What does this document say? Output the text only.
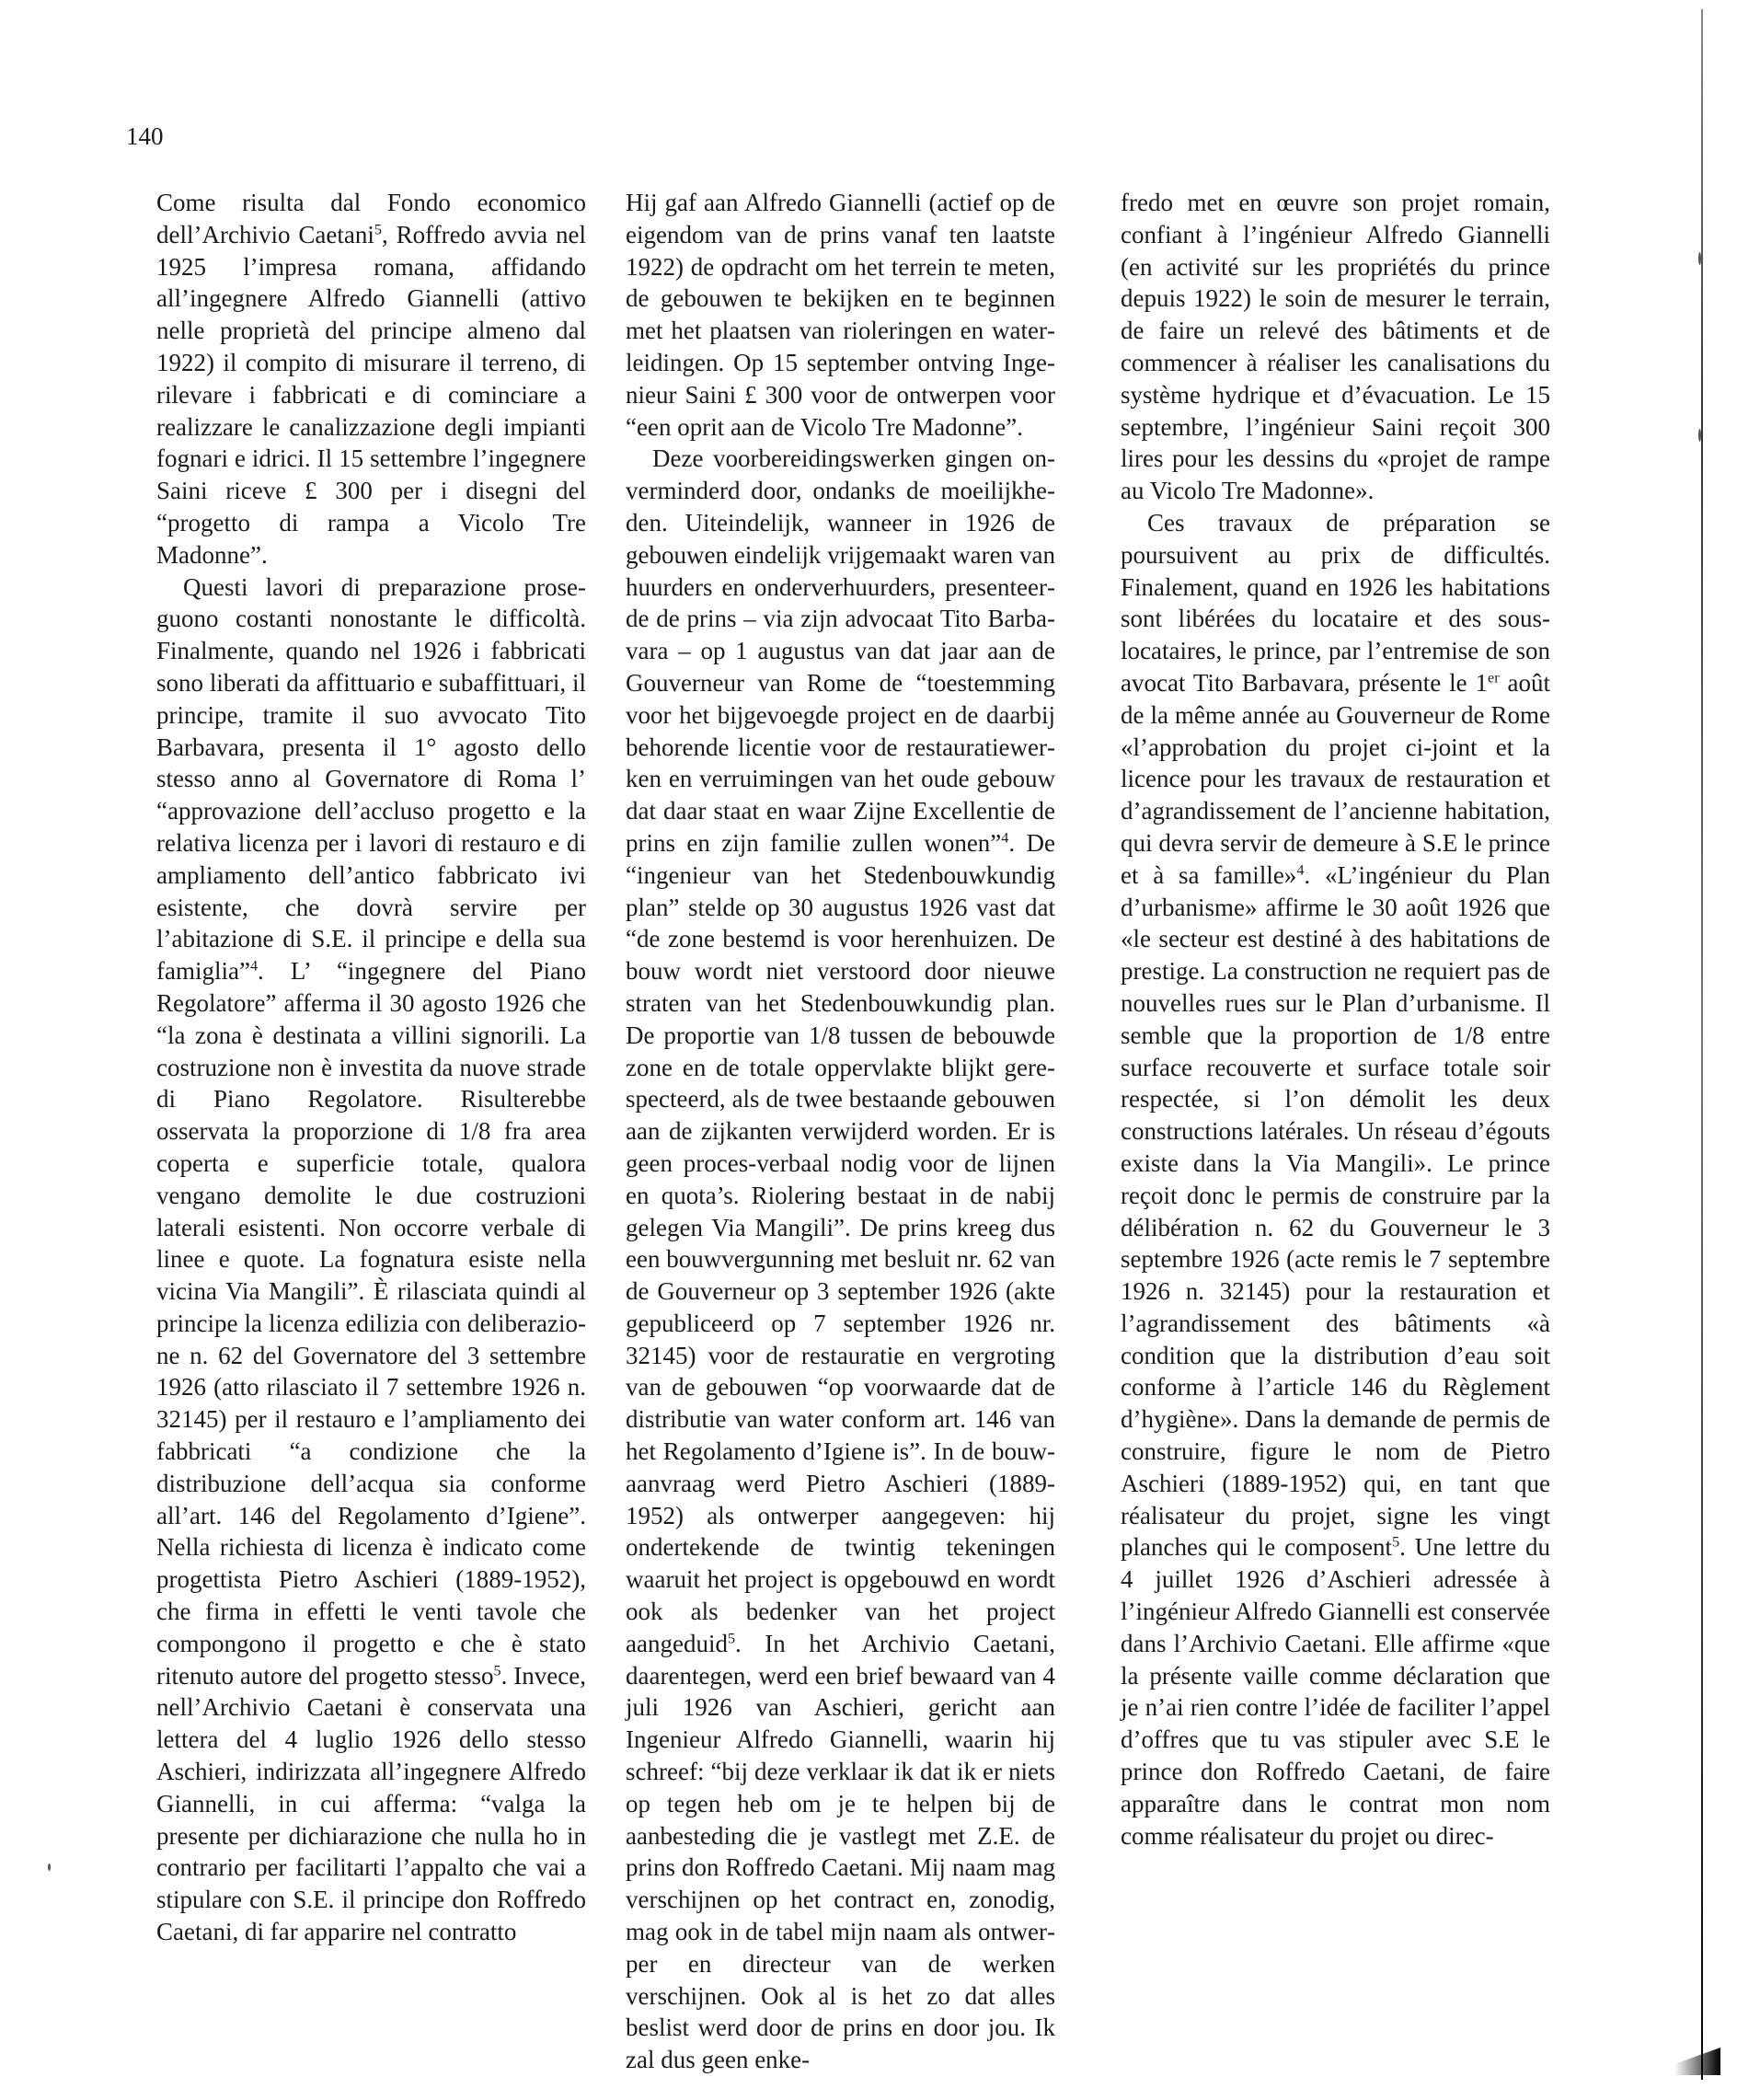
140

Come risulta dal Fondo economico dell’Archivio Caetani$^5$, Roffredo avvia nel 1925 l’impresa romana, affidando all’ingegnere Alfredo Giannelli (attivo nelle proprietà del principe almeno dal 1922) il compito di misurare il terreno, di rilevare i fabbricati e di cominciare a realizzare le canalizzazione degli impianti fognari e idrici. Il 15 settembre l’ingegnere Saini riceve £ 300 per i disegni del “progetto di rampa a Vicolo Tre Madonne”.

Questi lavori di preparazione proseguono costanti nonostante le difficoltà. Finalmente, quando nel 1926 i fabbricati sono liberati da affittuario e subaffittuari, il principe, tramite il suo avvocato Tito Barbavara, presenta il 1° agosto dello stesso anno al Governatore di Roma l’ “approvazione dell’accluso progetto e la relativa licenza per i lavori di restauro e di ampliamento dell’antico fabbricato ivi esistente, che dovrà servire per l’abitazione di S.E. il principe e della sua famiglia”$^4$. L’ “ingegnere del Piano Regolatore” afferma il 30 agosto 1926 che “la zona è destinata a villini signorili. La costruzione non è investita da nuove strade di Piano Regolatore. Risulterebbe osservata la proporzione di 1/8 fra area coperta e superficie totale, qualora vengano demolite le due costruzioni laterali esistenti. Non occorre verbale di linee e quote. La fognatura esiste nella vicina Via Mangili”. È rilasciata quindi al principe la licenza edilizia con deliberazione n. 62 del Governatore del 3 settembre 1926 (atto rilasciato il 7 settembre 1926 n. 32145) per il restauro e l’ampliamento dei fabbricati “a condizione che la distribuzione dell’acqua sia conforme all’art. 146 del Regolamento d’Igiene”. Nella richiesta di licenza è indicato come progettista Pietro Aschieri (1889-1952), che firma in effetti le venti tavole che compongono il progetto e che è stato ritenuto autore del progetto stesso$^5$. Invece, nell’Archivio Caetani è conservata una lettera del 4 luglio 1926 dello stesso Aschieri, indirizzata all’ingegnere Alfredo Giannelli, in cui afferma: “valga la presente per dichiarazione che nulla ho in contrario per facilitarti l’appalto che vai a stipulare con S.E. il principe don Roffredo Caetani, di far apparire nel contratto

Hij gaf aan Alfredo Giannelli (actief op de eigendom van de prins vanaf ten laatste 1922) de opdracht om het terrein te meten, de gebouwen te bekijken en te beginnen met het plaatsen van rioleringen en waterleidingen. Op 15 september ontving Ingenieur Saini £ 300 voor de ontwerpen voor “een oprit aan de Vicolo Tre Madonne”.

Deze voorbereidingswerken gingen onverminderd door, ondanks de moeilijkheden. Uiteindelijk, wanneer in 1926 de gebouwen eindelijk vrijgemaakt waren van huurders en onderverhuurders, presenteerde de prins – via zijn advocaat Tito Barbavara – op 1 augustus van dat jaar aan de Gouverneur van Rome de “toestemming voor het bijgevoegde project en de daarbij behorende licentie voor de restauratiewerken en verruimingen van het oude gebouw dat daar staat en waar Zijne Excellentie de prins en zijn familie zullen wonen”$^4$. De “ingenieur van het Stedenbouwkundig plan” stelde op 30 augustus 1926 vast dat “de zone bestemd is voor herenhuizen. De bouw wordt niet verstoord door nieuwe straten van het Stedenbouwkundig plan. De proportie van 1/8 tussen de bebouwde zone en de totale oppervlakte blijkt gerespecteerd, als de twee bestaande gebouwen aan de zijkanten verwijderd worden. Er is geen proces-verbaal nodig voor de lijnen en quota’s. Riolering bestaat in de nabij gelegen Via Mangili”. De prins kreeg dus een bouwvergunning met besluit nr. 62 van de Gouverneur op 3 september 1926 (akte gepubliceerd op 7 september 1926 nr. 32145) voor de restauratie en vergroting van de gebouwen “op voorwaarde dat de distributie van water conform art. 146 van het Regolamento d’Igiene is”. In de bouwaanvraag werd Pietro Aschieri (1889-1952) als ontwerper aangegeven: hij ondertekende de twintig tekeningen waaruit het project is opgebouwd en wordt ook als bedenker van het project aangeduid$^5$. In het Archivio Caetani, daarentegen, werd een brief bewaard van 4 juli 1926 van Aschieri, gericht aan Ingenieur Alfredo Giannelli, waarin hij schreef: “bij deze verklaar ik dat ik er niets op tegen heb om je te helpen bij de aanbesteding die je vastlegt met Z.E. de prins don Roffredo Caetani. Mij naam mag verschijnen op het contract en, zonodig, mag ook in de tabel mijn naam als ontwerper en directeur van de werken verschijnen. Ook al is het zo dat alles beslist werd door de prins en door jou. Ik zal dus geen enke-

fredo met en œuvre son projet romain, confiant à l’ingénieur Alfredo Giannelli (en activité sur les propriétés du prince depuis 1922) le soin de mesurer le terrain, de faire un relevé des bâtiments et de commencer à réaliser les canalisations du système hydrique et d’évacuation. Le 15 septembre, l’ingénieur Saini reçoit 300 lires pour les dessins du «projet de rampe au Vicolo Tre Madonne».

Ces travaux de préparation se poursuivent au prix de difficultés. Finalement, quand en 1926 les habitations sont libérées du locataire et des sous-locataires, le prince, par l’entremise de son avocat Tito Barbavara, présente le 1er août de la même année au Gouverneur de Rome «l’approbation du projet ci-joint et la licence pour les travaux de restauration et d’agrandissement de l’ancienne habitation, qui devra servir de demeure à S.E le prince et à sa famille»$^4$. «L’ingénieur du Plan d’urbanisme» affirme le 30 août 1926 que «le secteur est destiné à des habitations de prestige. La construction ne requiert pas de nouvelles rues sur le Plan d’urbanisme. Il semble que la proportion de 1/8 entre surface recouverte et surface totale soir respectée, si l’on démolit les deux constructions latérales. Un réseau d’égouts existe dans la Via Mangili». Le prince reçoit donc le permis de construire par la délibération n. 62 du Gouverneur le 3 septembre 1926 (acte remis le 7 septembre 1926 n. 32145) pour la restauration et l’agrandissement des bâtiments «à condition que la distribution d’eau soit conforme à l’article 146 du Règlement d’hygiène». Dans la demande de permis de construire, figure le nom de Pietro Aschieri (1889-1952) qui, en tant que réalisateur du projet, signe les vingt planches qui le composent$^5$. Une lettre du 4 juillet 1926 d’Aschieri adressée à l’ingénieur Alfredo Giannelli est conservée dans l’Archivio Caetani. Elle affirme «que la présente vaille comme déclaration que je n’ai rien contre l’idée de faciliter l’appel d’offres que tu vas stipuler avec S.E le prince don Roffredo Caetani, de faire apparaître dans le contrat mon nom comme réalisateur du projet ou direc-
